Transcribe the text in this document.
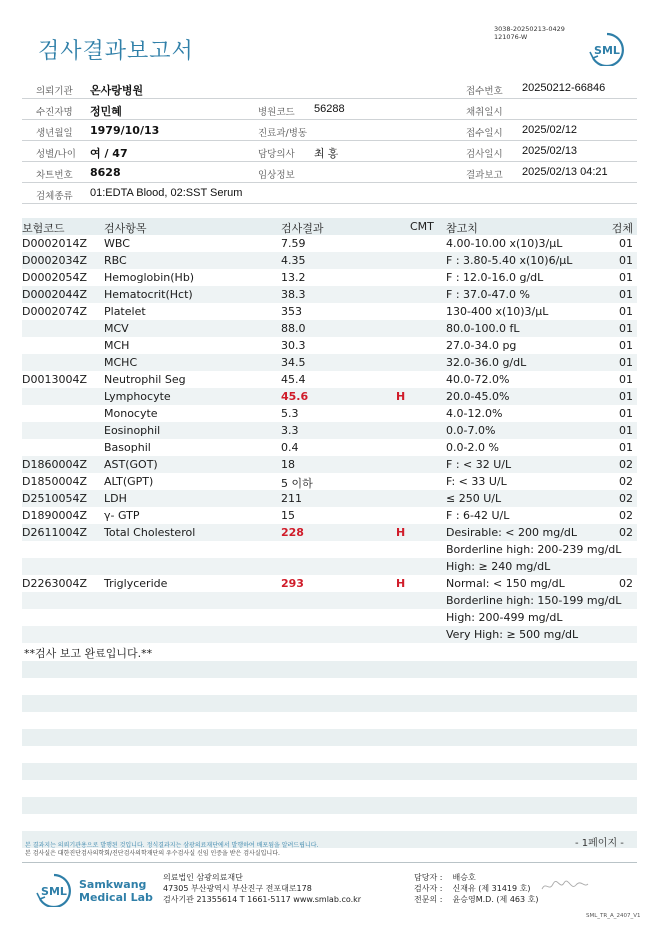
검사결과보고서
3038-20250213-0429
121076-W
SML
의뢰기관 온사랑병원	접수번호 20250212-66846
수진자명 정민혜	병원코드 56288	채취일시
생년월일 1979/10/13	진료과/병동	접수일시 2025/02/12
성별/나이 여 / 47	담당의사 최 홍	검사일시 2025/02/13
차트번호 8628	임상정보	결과보고 2025/02/13 04:21
검체종류 01:EDTA Blood, 02:SST Serum
보험코드	검사항목	검사결과	CMT 참고치	검체
D0002014Z WBC	7.59	4.00-10.00 x(10)3/μL	01
D0002034Z RBC	4.35	F : 3.80-5.40 x(10)6/μL	01
D0002054Z Hemoglobin(Hb)	13.2	F : 12.0-16.0 g/dL	01
D0002044Z Hematocrit(Hct)	38.3	F : 37.0-47.0 %	01
D0002074Z Platelet	353	130-400 x(10)3/μL	01
MCV	88.0	80.0-100.0 fL	01
MCH	30.3	27.0-34.0 pg	01
MCHC	34.5	32.0-36.0 g/dL	01
D0013004Z Neutrophil Seg	45.4	40.0-72.0%	01
Lymphocyte	45.6	H	20.0-45.0%	01
Monocyte	5.3	4.0-12.0%	01
Eosinophil	3.3	0.0-7.0%	01
Basophil	0.4	0.0-2.0 %	01
D1860004Z AST(GOT)	18	F : < 32 U/L	02
D1850004Z ALT(GPT)	5 이하	F: < 33 U/L	02
D2510054Z LDH	211	≤ 250 U/L	02
D1890004Z γ- GTP	15	F : 6-42 U/L	02
D2611004Z Total Cholesterol	228	H	Desirable: < 200 mg/dL	02
Borderline high: 200-239 mg/dL
High: ≥ 240 mg/dL
D2263004Z Triglyceride	293	H	Normal: < 150 mg/dL	02
Borderline high: 150-199 mg/dL
High: 200-499 mg/dL
Very High: ≥ 500 mg/dL
**검사 보고 완료입니다.**
- 1페이지 -
본 결과지는 의뢰기관용으로 발행된 것입니다. 정식결과지는 삼광의료재단에서 발행하여 배포됨을 알려드립니다.
본 검사실은 대한진단검사의학회/진단검사의학재단의 우수검사실 신임 인증을 받은 검사실입니다.
SML
Samkwang
Medical Lab
의료법인 삼광의료재단
47305 부산광역시 부산진구 전포대로178
검사기관 21355614 T 1661-5117 www.smlab.co.kr
담당자 : 배승호
검사자 : 신재유 (제 31419 호)
전문의 : 윤승영M.D. (제 463 호)
SML_TR_A_2407_V1
